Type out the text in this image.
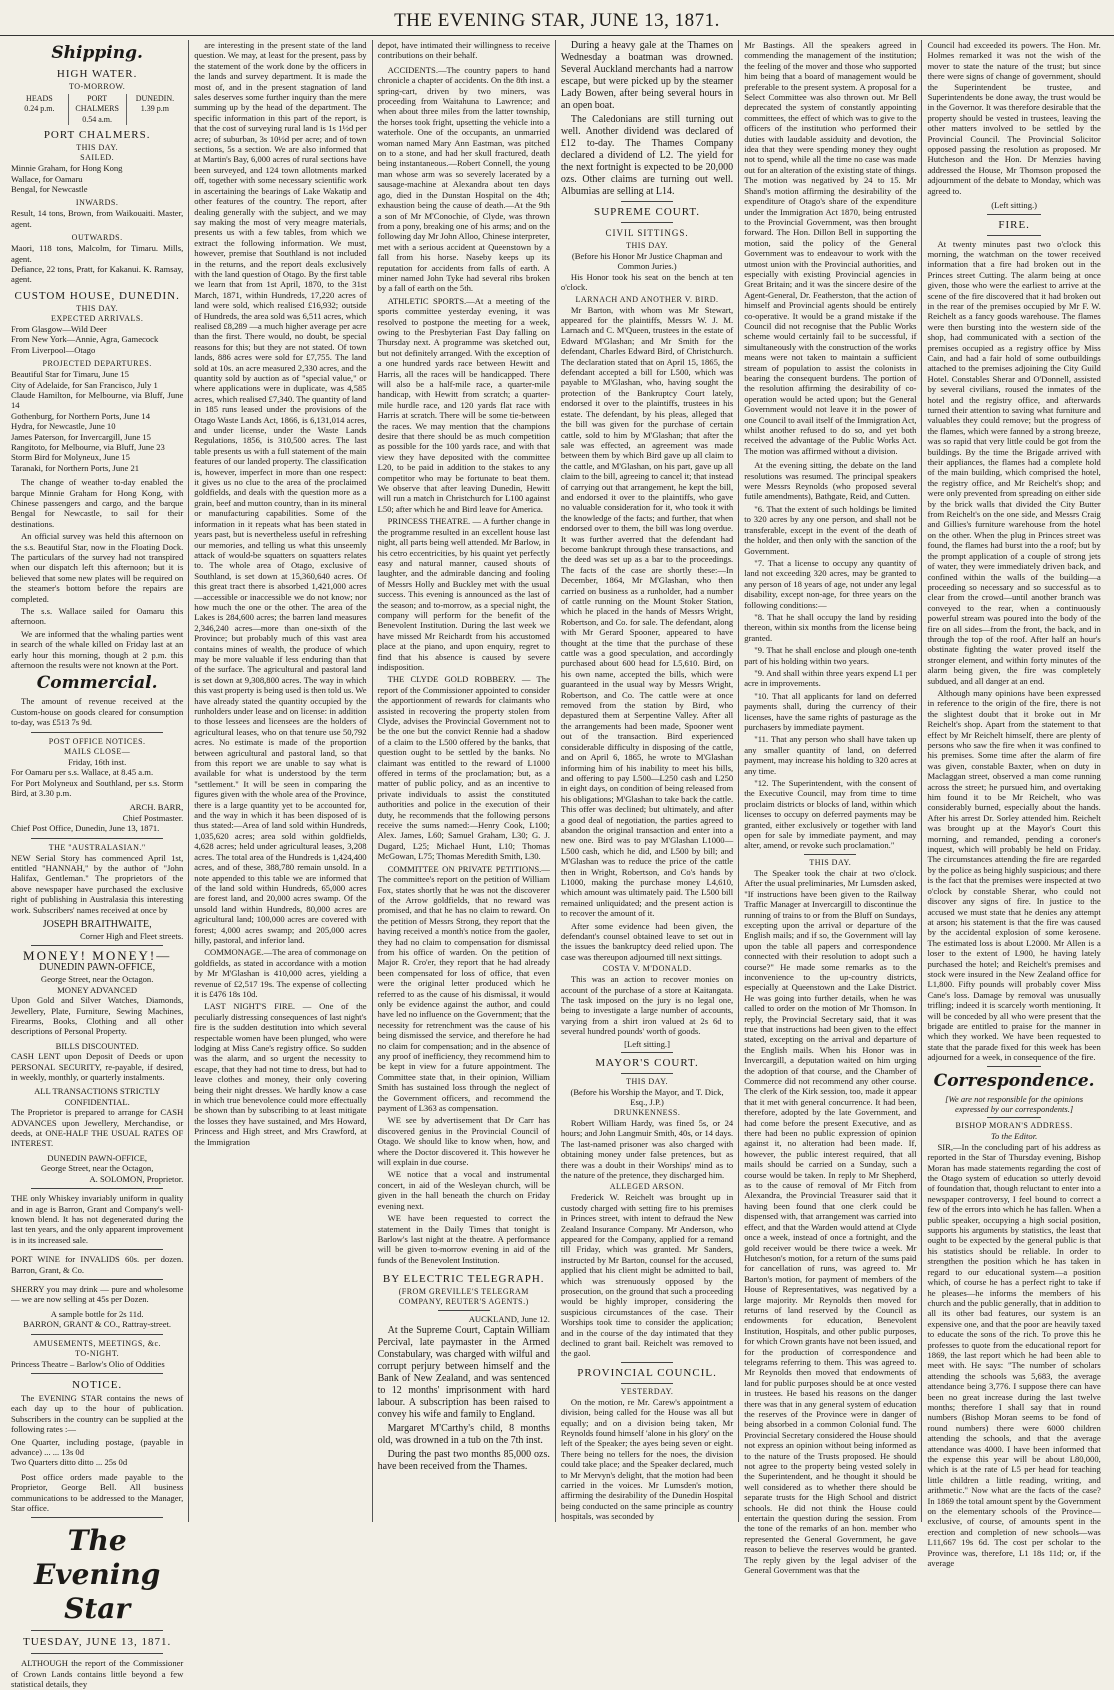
THE EVENING STAR, JUNE 13, 1871.
Shipping.
HIGH WATER.
TO-MORROW.
HEADS
0.24 p.m.
PORT CHALMERS
0.54 a.m.
DUNEDIN.
1.39 p.m
PORT CHALMERS.
THIS DAY.
SAILED.
Minnie Graham, for Hong Kong
Wallace, for Oamaru
Bengal, for Newcastle
INWARDS.
Result, 14 tons, Brown, from Waikouaiti. Master, agent.
OUTWARDS.
Maori, 118 tons, Malcolm, for Timaru. Mills, agent.
Defiance, 22 tons, Pratt, for Kakanui. K. Ramsay, agent.
CUSTOM HOUSE, DUNEDIN.
THIS DAY.
EXPECTED ARRIVALS.
From Glasgow—Wild Deer
From New York—Annie, Agra, Gamecock
From Liverpool—Otago
PROJECTED DEPARTURES.
Beautiful Star for Timaru, June 15
City of Adelaide, for San Francisco, July 1
Claude Hamilton, for Melbourne, via Bluff, June 14
Gothenburg, for Northern Ports, June 14
Hydra, for Newcastle, June 10
James Paterson, for Invercargill, June 15
Rangitoto, for Melbourne, via Bluff, June 23
Storm Bird for Molyneux, June 15
Taranaki, for Northern Ports, June 21
The change of weather to-day enabled the barque Minnie Graham for Hong Kong, with Chinese passengers and cargo, and the barque Bengal for Newcastle, to sail for their destinations.
An official survey was held this afternoon on the s.s. Beautiful Star, now in the Floating Dock. The particulars of the survey had not transpired when our dispatch left this afternoon; but it is believed that some new plates will be required on the steamer's bottom before the repairs are completed.
The s.s. Wallace sailed for Oamaru this afternoon.
We are informed that the whaling parties went in search of the whale killed on Friday last at an early hour this morning, though at 2 p.m. this afternoon the results were not known at the Port.
Commercial.
The amount of revenue received at the Custom-house on goods cleared for consumption to-day, was £513 7s 9d.
POST OFFICE NOTICES.
MAILS CLOSE—
Friday, 16th inst.
For Oamaru per s.s. Wallace, at 8.45 a.m.
For Port Molyneux and Southland, per s.s. Storm Bird, at 3.30 p.m.
ARCH. BARR,
Chief Postmaster.
Chief Post Office, Dunedin, June 13, 1871.
THE "AUSTRALASIAN."
NEW Serial Story has commenced April 1st, entitled "HANNAH," by the author of "John Halifax, Gentleman." The proprietors of the above newspaper have purchased the exclusive right of publishing in Australasia this interesting work. Subscribers' names received at once by
JOSEPH BRAITHWAITE,
Corner High and Fleet streets.
MONEY! MONEY!—
DUNEDIN PAWN-OFFICE,
George Street, near the Octagon.
MONEY ADVANCED
Upon Gold and Silver Watches, Diamonds, Jewellery, Plate, Furniture, Sewing Machines, Firearms, Books, Clothing and all other descriptions of Personal Property.
BILLS DISCOUNTED.
CASH LENT upon Deposit of Deeds or upon PERSONAL SECURITY, re-payable, if desired, in weekly, monthly, or quarterly instalments.
ALL TRANSACTIONS STRICTLY CONFIDENTIAL.
The Proprietor is prepared to arrange for CASH ADVANCES upon Jewellery, Merchandise, or deeds, at ONE-HALF THE USUAL RATES OF INTEREST.
DUNEDIN PAWN-OFFICE,
George Street, near the Octagon,
A. SOLOMON, Proprietor.
THE only Whiskey invariably uniform in quality and in age is Barron, Grant and Company's well-known blend. It has not degenerated during the last ten years, and the only apparent improvement is in its increased sale.
PORT WINE for INVALIDS 60s. per dozen. Barron, Grant, & Co.
SHERRY you may drink — pure and wholesome — we are now selling at 45s per Dozen.
A sample bottle for 2s 11d.
BARRON, GRANT & CO., Rattray-street.
AMUSEMENTS, MEETINGS, &c.
TO-NIGHT.
Princess Theatre – Barlow's Olio of Oddities
NOTICE.
The EVENING STAR contains the news of each day up to the hour of publication. Subscribers in the country can be supplied at the following rates :—
One Quarter, including postage, (payable in advance) ... ... 13s 0d
Two Quarters ditto ditto ... 25s 0d
Post office orders made payable to the Proprietor, George Bell. All business communications to be addressed to the Manager, Star office.
The Evening Star
TUESDAY, JUNE 13, 1871.
ALTHOUGH the report of the Commissioner of Crown Lands contains little beyond a few statistical details, they
are interesting in the present state of the land question. We may, at least for the present, pass by the statement of the work done by the officers in the lands and survey department. It is made the most of, and in the present stagnation of land sales deserves some further inquiry than the mere summing up by the head of the department. The specific information in this part of the report, is that the cost of surveying rural land is 1s 1½d per acre; of suburban, 3s 10½d per acre; and of town sections, 5s a section. We are also informed that at Martin's Bay, 6,000 acres of rural sections have been surveyed, and 124 town allotments marked off, together with some necessary scientific work in ascertaining the bearings of Lake Wakatip and other features of the country. The report, after dealing generally with the subject, and we may say making the most of very meagre materials, presents us with a few tables, from which we extract the following information. We must, however, premise that Southland is not included in the returns, and the report deals exclusively with the land question of Otago. By the first table we learn that from 1st April, 1870, to the 31st March, 1871, within Hundreds, 17,220 acres of land were sold, which realised £16,932; outside of Hundreds, the area sold was 6,511 acres, which realised £8,289 —a much higher average per acre than the first. There would, no doubt, be special reasons for this; but they are not stated. Of town lands, 886 acres were sold for £7,755. The land sold at 10s. an acre measured 2,330 acres, and the quantity sold by auction as of "special value," or where applications were in duplicate, was 4,585 acres, which realised £7,340. The quantity of land in 185 runs leased under the provisions of the Otago Waste Lands Act, 1866, is 6,131,014 acres, and under license, under the Waste Lands Regulations, 1856, is 310,500 acres. The last table presents us with a full statement of the main features of our landed property. The classification is, however, imperfect in more than one respect: it gives us no clue to the area of the proclaimed goldfields, and deals with the question more as a grain, beef and mutton country, than in its mineral or manufacturing capabilities. Some of the information in it repeats what has been stated in years past, but is nevertheless useful in refreshing our memories, and telling us what this unseemly attack of would-be squatters on squatters relates to. The whole area of Otago, exclusive of Southland, is set down at 15,360,640 acres. Of this great tract there is absorbed 1,421,000 acres—accessible or inaccessible we do not know; nor how much the one or the other. The area of the Lakes is 284,600 acres; the barren land measures 2,346,240 acres—more than one-sixth of the Province; but probably much of this vast area contains mines of wealth, the produce of which may be more valuable if less enduring than that of the surface. The agricultural and pastoral land is set down at 9,308,800 acres. The way in which this vast property is being used is then told us. We have already stated the quantity occupied by the runholders under lease and on license: in addition to those lessees and licensees are the holders of agricultural leases, who on that tenure use 50,792 acres. No estimate is made of the proportion between agricultural and pastoral land, so that from this report we are unable to say what is available for what is understood by the term "settlement." It will be seen in comparing the figures given with the whole area of the Province, there is a large quantity yet to be accounted for, and the way in which it has been disposed of is thus stated:—Area of land sold within Hundreds, 1,035,620 acres; area sold within goldfields, 4,628 acres; held under agricultural leases, 3,208 acres. The total area of the Hundreds is 1,424,400 acres, and of these, 388,780 remain unsold. In a note appended to this table we are informed that of the land sold within Hundreds, 65,000 acres are forest land, and 20,000 acres swamp. Of the unsold land within Hundreds, 80,000 acres are agricultural land; 100,000 acres are covered with forest; 4,000 acres swamp; and 205,000 acres hilly, pastoral, and inferior land.
COMMONAGE.—The area of commonage on goldfields, as stated in accordance with a motion by Mr M'Glashan is 410,000 acres, yielding a revenue of £2,517 19s. The expense of collecting it is £476 18s 10d.
LAST NIGHT'S FIRE. — One of the peculiarly distressing consequences of last night's fire is the sudden destitution into which several respectable women have been plunged, who were lodging at Miss Cane's registry office. So sudden was the alarm, and so urgent the necessity to escape, that they had not time to dress, but had to leave clothes and money, their only covering being their night dresses. We hardly know a case in which true benevolence could more effectually be shown than by subscribing to at least mitigate the losses they have sustained, and Mrs Howard, Princess and High street, and Mrs Crawford, at the Immigration
depot, have intimated their willingness to receive contributions on their behalf.
ACCIDENTS.—The country papers to hand chronicle a chapter of accidents. On the 8th inst. a spring-cart, driven by two miners, was proceeding from Waitahuna to Lawrence; and when about three miles from the latter township, the horses took fright, upsetting the vehicle into a waterhole. One of the occupants, an unmarried woman named Mary Ann Eastman, was pitched on to a stone, and had her skull fractured, death being instantaneous.—Robert Connell, the young man whose arm was so severely lacerated by a sausage-machine at Alexandra about ten days ago, died in the Dunstan Hospital on the 4th; exhaustion being the cause of death.—At the 9th a son of Mr M'Conochie, of Clyde, was thrown from a pony, breaking one of his arms; and on the following day Mr John Alloo, Chinese interpreter, met with a serious accident at Queenstown by a fall from his horse. Naseby keeps up its reputation for accidents from falls of earth. A miner named John Tyke had several ribs broken by a fall of earth on the 5th.
ATHLETIC SPORTS.—At a meeting of the sports committee yesterday evening, it was resolved to postpone the meeting for a week, owing to the Presbyterian Fast Day falling on Thursday next. A programme was sketched out, but not definitely arranged. With the exception of a one hundred yards race between Hewitt and Harris, all the races will be handicapped. There will also be a half-mile race, a quarter-mile handicap, with Hewitt from scratch; a quarter-mile hurdle race, and 120 yards flat race with Harris at scratch. There will be some tie-between the races. We may mention that the champions desire that there should be as much competition as possible for the 100 yards race, and with that view they have deposited with the committee L20, to be paid in addition to the stakes to any competitor who may be fortunate to beat them. We observe that after leaving Dunedin, Hewitt will run a match in Christchurch for L100 against L50; after which he and Bird leave for America.
PRINCESS THEATRE. — A further change in the programme resulted in an excellent house last night, all parts being well attended. Mr Barlow, in his cetro eccentricities, by his quaint yet perfectly easy and natural manner, caused shouts of laughter, and the admirable dancing and fooling of Messrs Holly and Buckley met with the usual success. This evening is announced as the last of the season; and to-morrow, as a special night, the company will perform for the benefit of the Benevolent Institution. During the last week we have missed Mr Reichardt from his accustomed place at the piano, and upon enquiry, regret to find that his absence is caused by severe indisposition.
THE CLYDE GOLD ROBBERY. — The report of the Commissioner appointed to consider the apportionment of rewards for claimants who assisted in recovering the property stolen from Clyde, advises the Provincial Government not to be the one but the convict Rennie had a shadow of a claim to the L500 offered by the banks, that question ought to be settled by the banks. No claimant was entitled to the reward of L1000 offered in terms of the proclamation; but, as a matter of public policy, and as an incentive to private individuals to assist the constituted authorities and police in the execution of their duty, he recommends that the following persons receive the sums named:—Henry Cook, L100; Alex. James, L60; Samuel Graham, L30; G. J. Dugard, L25; Michael Hunt, L10; Thomas McGowan, L75; Thomas Meredith Smith, L30.
COMMITTEE ON PRIVATE PETITIONS.—The committee's report on the petition of William Fox, states shortly that he was not the discoverer of the Arrow goldfields, that no reward was promised, and that he has no claim to reward. On the petition of Messrs Strong, they report that the having received a month's notice from the gaoler, they had no claim to compensation for dismissal from his office of warden. On the petition of Major R. Cro'er, they report that he had already been compensated for loss of office, that even were the original letter produced which he referred to as the cause of his dismissal, it would only be evidence against the author, and could have led no influence on the Government; that the necessity for retrenchment was the cause of his being dismissed the service, and therefore he had no claim for compensation; and in the absence of any proof of inefficiency, they recommend him to be kept in view for a future appointment. The Committee state that, in their opinion, William Smith has sustained loss through the neglect of the Government officers, and recommend the payment of L363 as compensation.
WE see by advertisement that Dr Carr has discovered genius in the Provincial Council of Otago. We should like to know when, how, and where the Doctor discovered it. This however he will explain in due course.
WE notice that a vocal and instrumental concert, in aid of the Wesleyan church, will be given in the hall beneath the church on Friday evening next.
WE have been requested to correct the statement in the Daily Times that tonight is Barlow's last night at the theatre. A performance will be given to-morrow evening in aid of the funds of the Benevolent Institution.
BY ELECTRIC TELEGRAPH.
(FROM GREVILLE'S TELEGRAM COMPANY, REUTER'S AGENTS.)
AUCKLAND, June 12.
At the Supreme Court, Captain William Percival, late paymaster in the Armed Constabulary, was charged with wilful and corrupt perjury between himself and the Bank of New Zealand, and was sentenced to 12 months' imprisonment with hard labour. A subscription has been raised to convey his wife and family to England.
Margaret M'Carthy's child, 8 months old, was drowned in a tub on the 7th inst.
During the past two months 85,000 ozs. have been received from the Thames.
During a heavy gale at the Thames on Wednesday a boatman was drowned. Several Auckland merchants had a narrow escape, but were picked up by the steamer Lady Bowen, after being several hours in an open boat.
The Caledonians are still turning out well. Another dividend was declared of £12 to-day. The Thames Company declared a dividend of L2. The yield for the next fortnight is expected to be 20,000 ozs. Other claims are turning out well. Albumias are selling at L14.
SUPREME COURT.
CIVIL SITTINGS.
THIS DAY.
(Before his Honor Mr Justice Chapman and Common Juries.)
His Honor took his seat on the bench at ten o'clock.
LARNACH AND ANOTHER V. BIRD.
Mr Barton, with whom was Mr Stewart, appeared for the plaintiffs, Messrs W. J. M. Larnach and C. M'Queen, trustees in the estate of Edward M'Glashan; and Mr Smith for the defendant, Charles Edward Bird, of Christchurch. The declaration stated that on April 15, 1865, the defendant accepted a bill for L500, which was payable to M'Glashan, who, having sought the protection of the Bankruptcy Court lately, endorsed it over to the plaintiffs, trustees in his estate. The defendant, by his pleas, alleged that the bill was given for the purchase of certain cattle, sold to him by M'Glashan; that after the sale was effected, an agreement was made between them by which Bird gave up all claim to the cattle, and M'Glashan, on his part, gave up all claim to the bill, agreeing to cancel it; that instead of carrying out that arrangement, he kept the bill, and endorsed it over to the plaintiffs, who gave no valuable consideration for it, who took it with the knowledge of the facts; and further, that when endorsed over to them, the bill was long overdue. It was further averred that the defendant had become bankrupt through these transactions, and the deed was set up as a bar to the proceedings. The facts of the case are shortly these:—In December, 1864, Mr M'Glashan, who then carried on business as a runholder, had a number of cattle running on the Mount Stoker Station, which he placed in the hands of Messrs Wright, Robertson, and Co. for sale. The defendant, along with Mr Gerard Spooner, appeared to have thought at the time that the purchase of these cattle was a good speculation, and accordingly purchased about 600 head for L5,610. Bird, on his own name, accepted the bills, which were guaranteed in the usual way by Messrs Wright, Robertson, and Co. The cattle were at once removed from the station by Bird, who depastured them at Serpentine Valley. After all the arrangements had been made, Spooner went out of the transaction. Bird experienced considerable difficulty in disposing of the cattle, and on April 6, 1865, he wrote to M'Glashan informing him of his inability to meet his bills, and offering to pay L500—L250 cash and L250 in eight days, on condition of being released from his obligations; M'Glashan to take back the cattle. This offer was declined; but ultimately, and after a good deal of negotiation, the parties agreed to abandon the original transaction and enter into a new one. Bird was to pay M'Glashan L1000—L500 cash, which he did, and L500 by bill; and M'Glashan was to reduce the price of the cattle then in Wright, Robertson, and Co's hands by L1000, making the purchase money L4,610, which amount was ultimately paid. The L500 bill remained unliquidated; and the present action is to recover the amount of it.
After some evidence had been given, the defendant's counsel obtained leave to set out in the issues the bankruptcy deed relied upon. The case was thereupon adjourned till next sittings.
COSTA V. M'DONALD.
This was an action to recover monies on account of the purchase of a store at Kaitangata. The task imposed on the jury is no legal one, being to investigate a large number of accounts, varying from a shirt iron valued at 2s 6d to several hundred pounds' worth of goods.
[Left sitting.]
MAYOR'S COURT.
THIS DAY.
(Before his Worship the Mayor, and T. Dick, Esq., J.P.)
DRUNKENNESS.
Robert William Hardy, was fined 5s, or 24 hours; and John Langmuir Smith, 40s, or 14 days. The last-named prisoner was also charged with obtaining money under false pretences, but as there was a doubt in their Worships' mind as to the nature of the pretence, they discharged him.
ALLEGED ARSON.
Frederick W. Reichelt was brought up in custody charged with setting fire to his premises in Princes street, with intent to defraud the New Zealand Insurance Company. Mr Anderson, who appeared for the Company, applied for a remand till Friday, which was granted. Mr Sanders, instructed by Mr Barton, counsel for the accused, applied that his client might be admitted to bail, which was strenuously opposed by the prosecution, on the ground that such a proceeding would be highly improper, considering the suspicious circumstances of the case. Their Worships took time to consider the application; and in the course of the day intimated that they declined to grant bail. Reichelt was removed to the gaol.
PROVINCIAL COUNCIL.
YESTERDAY.
On the motion, re Mr. Carew's appointment a division, being called for the House was all but equally; and on a division being taken, Mr Reynolds found himself 'alone in his glory' on the left of the Speaker; the ayes being seven or eight. There being no tellers for the noes, the division could take place; and the Speaker declared, much to Mr Mervyn's delight, that the motion had been carried in the voices. Mr Lumsden's motion, affirming the desirability of the Dunedin Hospital being conducted on the same principle as country hospitals, was seconded by
Mr Bastings. All the speakers agreed in commending the management of the institution; the feeling of the mover and those who supported him being that a board of management would be preferable to the present system. A proposal for a Select Committee was also thrown out. Mr Bell deprecated the system of constantly appointing committees, the effect of which was to give to the officers of the institution who performed their duties with laudable assiduity and devotion, the idea that they were spending money they ought not to spend, while all the time no case was made out for an alteration of the existing state of things. The motion was negatived by 24 to 15. Mr Shand's motion affirming the desirability of the expenditure of Otago's share of the expenditure under the Immigration Act 1870, being entrusted to the Provincial Government, was then brought forward. The Hon. Dillon Bell in supporting the motion, said the policy of the General Government was to endeavour to work with the utmost union with the Provincial authorities, and especially with existing Provincial agencies in Great Britain; and it was the sincere desire of the Agent-General, Dr. Featherston, that the action of himself and Provincial agents should be entirely co-operative. It would be a grand mistake if the Council did not recognise that the Public Works scheme would certainly fail to be successful, if simultaneously with the construction of the works means were not taken to maintain a sufficient stream of population to assist the colonists in bearing the consequent burdens. The portion of the resolution affirming the desirability of co-operation would be acted upon; but the General Government would not leave it in the power of one Council to avail itself of the Immigration Act, whilst another refused to do so, and yet both received the advantage of the Public Works Act. The motion was affirmed without a division.
At the evening sitting, the debate on the land resolutions was resumed. The principal speakers were Messrs Reynolds (who proposed several futile amendments), Bathgate, Reid, and Cutten.
"6. That the extent of such holdings be limited to 320 acres by any one person, and shall not be transferable, except in the event of the death of the holder, and then only with the sanction of the Government.
"7. That a license to occupy any quantity of land not exceeding 320 acres, may be granted to any person of 18 years of age, not under any legal disability, except non-age, for three years on the following conditions:—
"8. That he shall occupy the land by residing thereon, within six months from the license being granted.
"9. That he shall enclose and plough one-tenth part of his holding within two years.
"9. And shall within three years expend L1 per acre in improvements.
"10. That all applicants for land on deferred payments shall, during the currency of their licenses, have the same rights of pasturage as the purchasers by immediate payment.
"11. That any person who shall have taken up any smaller quantity of land, on deferred payment, may increase his holding to 320 acres at any time.
"12. The Superintendent, with the consent of the Executive Council, may from time to time proclaim districts or blocks of land, within which licenses to occupy on deferred payments may be granted, either exclusively or together with land open for sale by immediate payment, and may alter, amend, or revoke such proclamation."
THIS DAY.
The Speaker took the chair at two o'clock. After the usual preliminaries, Mr Lumsden asked, "If instructions have been given to the Railway Traffic Manager at Invercargill to discontinue the running of trains to or from the Bluff on Sundays, excepting upon the arrival or departure of the English mails; and if so, the Government will lay upon the table all papers and correspondence connected with their resolution to adopt such a course?" He made some remarks as to the inconvenience to the up-country districts, especially at Queenstown and the Lake District. He was going into further details, when he was called to order on the motion of Mr Thomson. In reply, the Provincial Secretary said, that it was true that instructions had been given to the effect stated, excepting on the arrival and departure of the English mails. When his Honor was in Invercargill, a deputation waited on him urging the adoption of that course, and the Chamber of Commerce did not recommend any other course. The clerk of the Kirk session, too, made it appear that it met with general concurrence. It had been, therefore, adopted by the late Government, and had come before the present Executive, and as there had been no public expression of opinion against it, no alteration had been made. If, however, the public interest required, that all mails should be carried on a Sunday, such a course would be taken. In reply to Mr Shepherd, as to the cause of removal of Mr Fitch from Alexandra, the Provincial Treasurer said that it having been found that one clerk could be dispensed with, that arrangement was carried into effect, and that the Warden would attend at Clyde once a week, instead of once a fortnight, and the gold receiver would be there twice a week. Mr Hutcheson's motion, for a return of the sums paid for cancellation of runs, was agreed to. Mr Barton's motion, for payment of members of the House of Representatives, was negatived by a large majority. Mr Reynolds then moved for returns of land reserved by the Council as endowments for education, Benevolent Institution, Hospitals, and other public purposes, for which Crown grants have not been issued, and for the production of correspondence and telegrams referring to them. This was agreed to. Mr Reynolds then moved that endowments of land for public purposes should be at once vested in trustees. He based his reasons on the danger there was that in any general system of education the reserves of the Province were in danger of being absorbed in a common Colonial fund. The Provincial Secretary considered the House should not express an opinion without being informed as to the nature of the Trusts proposed. He should not agree to the property being vested solely in the Superintendent, and he thought it should be well considered as to whether there should be separate trusts for the High School and district schools. He did not think the House could entertain the question during the session. From the tone of the remarks of an hon. member who represented the General Government, he gave reason to believe the reserves would be granted. The reply given by the legal adviser of the General Government was that the
Council had exceeded its powers. The Hon. Mr. Holmes remarked it was not the wish of the mover to state the nature of the trust; but since there were signs of change of government, should the Superintendent be trustee, and Superintendents be done away, the trust would be in the Governor. It was therefore desirable that the property should be vested in trustees, leaving the other matters involved to be settled by the Provincial Council. The Provincial Solicitor opposed passing the resolution as proposed. Mr Hutcheson and the Hon. Dr Menzies having addressed the House, Mr Thomson proposed the adjournment of the debate to Monday, which was agreed to.
(Left sitting.)
FIRE.
At twenty minutes past two o'clock this morning, the watchman on the tower received information that a fire had broken out in the Princes street Cutting. The alarm being at once given, those who were the earliest to arrive at the scene of the fire discovered that it had broken out in the rear of the premises occupied by Mr F. W. Reichelt as a fancy goods warehouse. The flames were then bursting into the western side of the shop, had communicated with a section of the premises occupied as a registry office by Miss Cain, and had a fair hold of some outbuildings attached to the premises adjoining the City Guild Hotel. Constables Sherar and O'Donnell, assisted by several civilians, roused the inmates of the hotel and the registry office, and afterwards turned their attention to saving what furniture and valuables they could remove; but the progress of the flames, which were fanned by a strong breeze, was so rapid that very little could be got from the buildings. By the time the Brigade arrived with their appliances, the flames had a complete hold of the main building, which comprised the hotel, the registry office, and Mr Reichelt's shop; and were only prevented from spreading on either side by the brick walls that divided the City Butter from Reichelt's on the one side, and Messrs Craig and Gillies's furniture warehouse from the hotel on the other. When the plug in Princes street was found, the flames had burst into the a roof; but by the prompt application of a couple of strong jets of water, they were immediately driven back, and confined within the walls of the building—a proceeding so necessary and so successful as to clear from the crowd—until another branch was conveyed to the rear, when a continuously powerful stream was poured into the body of the fire on all sides—from the front, the back, and in through the top of the roof. After half an hour's obstinate fighting the water proved itself the stronger element, and within forty minutes of the alarm being given, the fire was completely subdued, and all danger at an end.
Although many opinions have been expressed in reference to the origin of the fire, there is not the slightest doubt that it broke out in Mr Reichelt's shop. Apart from the statement to that effect by Mr Reichelt himself, there are plenty of persons who saw the fire when it was confined to his premises. Some time after the alarm of fire was given, constable Baxter, when on duty in Maclaggan street, observed a man come running across the street; he pursued him, and overtaking him found it to be Mr Reichelt, who was considerably burned, especially about the hands. After his arrest Dr. Sorley attended him. Reichelt was brought up at the Mayor's Court this morning, and remanded, pending a coroner's inquest, which will probably be held on Friday. The circumstances attending the fire are regarded by the police as being highly suspicious; and there is the fact that the premises were inspected at two o'clock by constable Sherar, who could not discover any signs of fire. In justice to the accused we must state that he denies any attempt at arson; his statement is that the fire was caused by the accidental explosion of some kerosene. The estimated loss is about L2000. Mr Allen is a loser to the extent of L900, he having lately purchased the hotel; and Reichelt's premises and stock were insured in the New Zealand office for L1,800. Fifty pounds will probably cover Miss Cane's loss. Damage by removal was unusually trifling; indeed it is scarcely worth mentioning. It will be conceded by all who were present that the brigade are entitled to praise for the manner in which they worked. We have been requested to state that the parade fixed for this week has been adjourned for a week, in consequence of the fire.
Correspondence.
[We are not responsible for the opinions expressed by our correspondents.]
BISHOP MORAN'S ADDRESS.
To the Editor.
SIR,—In the concluding part of his address as reported in the Star of Thursday evening, Bishop Moran has made statements regarding the cost of the Otago system of education so utterly devoid of foundation that, though reluctant to enter into a newspaper controversy, I feel bound to correct a few of the errors into which he has fallen. When a public speaker, occupying a high social position, supports his arguments by statistics, the least that ought to be expected by the general public is that his statistics should be reliable. In order to strengthen the position which he has taken in regard to our educational system—a position which, of course he has a perfect right to take if he pleases—he informs the members of his church and the public generally, that in addition to all its other bad features, our system is an expensive one, and that the poor are heavily taxed to educate the sons of the rich. To prove this he professes to quote from the educational report for 1869, the last report which he had been able to meet with. He says: "The number of scholars attending the schools was 5,683, the average attendance being 3,776. I suppose there can have been no great increase during the last twelve months; therefore I shall say that in round numbers (Bishop Moran seems to be fond of round numbers) there were 6000 children attending the schools, and that the average attendance was 4000. I have been informed that the expense this year will be about L80,000, which is at the rate of L5 per head for teaching little children a little reading, writing, and arithmetic." Now what are the facts of the case? In 1869 the total amount spent by the Government on the elementary schools of the Province—exclusive, of course, of amounts spent in the erection and completion of new schools—was L11,667 19s 6d. The cost per scholar to the Province was, therefore, L1 18s 11d; or, if the average
